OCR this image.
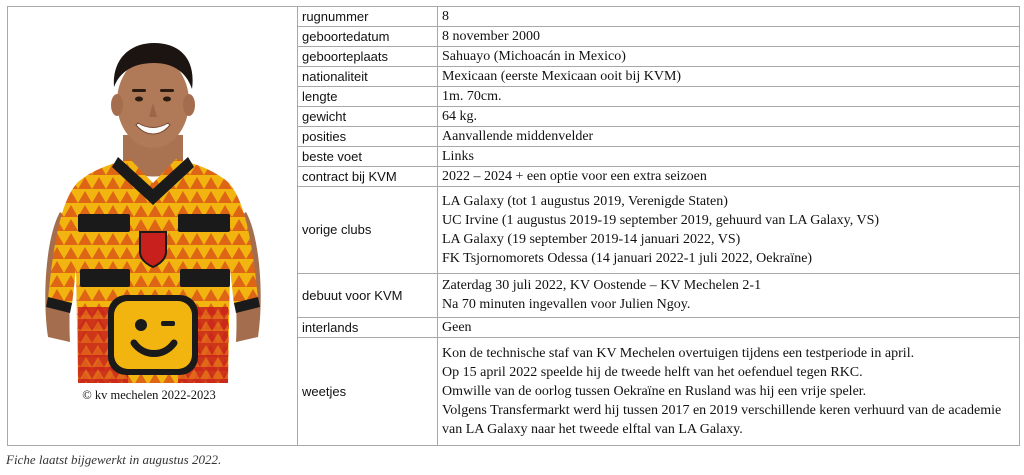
© kv mechelen 2022-2023	rugnummer	8

	geboortedatum	8 november 2000

	geboorteplaats	Sahuayo (Michoacán in Mexico)

	nationaliteit	Mexicaan (eerste Mexicaan ooit bij KVM)

	lengte	1m. 70cm.

	gewicht	64 kg.

	posities	Aanvallende middenvelder

	beste voet	Links

	contract bij KVM	2022 – 2024 + een optie voor een extra seizoen

	vorige clubs	LA Galaxy (tot 1 augustus 2019, Verenigde Staten)
UC Irvine (1 augustus 2019-19 september 2019, gehuurd van LA Galaxy, VS)
LA Galaxy (19 september 2019-14 januari 2022, VS)
FK Tsjornomorets Odessa (14 januari 2022-1 juli 2022, Oekraïne)

	debuut voor KVM	Zaterdag 30 juli 2022, KV Oostende – KV Mechelen 2-1
Na 70 minuten ingevallen voor Julien Ngoy.

	interlands	Geen

	weetjes	Kon de technische staf van KV Mechelen overtuigen tijdens een testperiode in april.
Op 15 april 2022 speelde hij de tweede helft van het oefenduel tegen RKC.
Omwille van de oorlog tussen Oekraïne en Rusland was hij een vrije speler.
Volgens Transfermarkt werd hij tussen 2017 en 2019 verschillende keren verhuurd van de academie van LA Galaxy naar het tweede elftal van LA Galaxy.
Fiche laatst bijgewerkt in augustus 2022.
